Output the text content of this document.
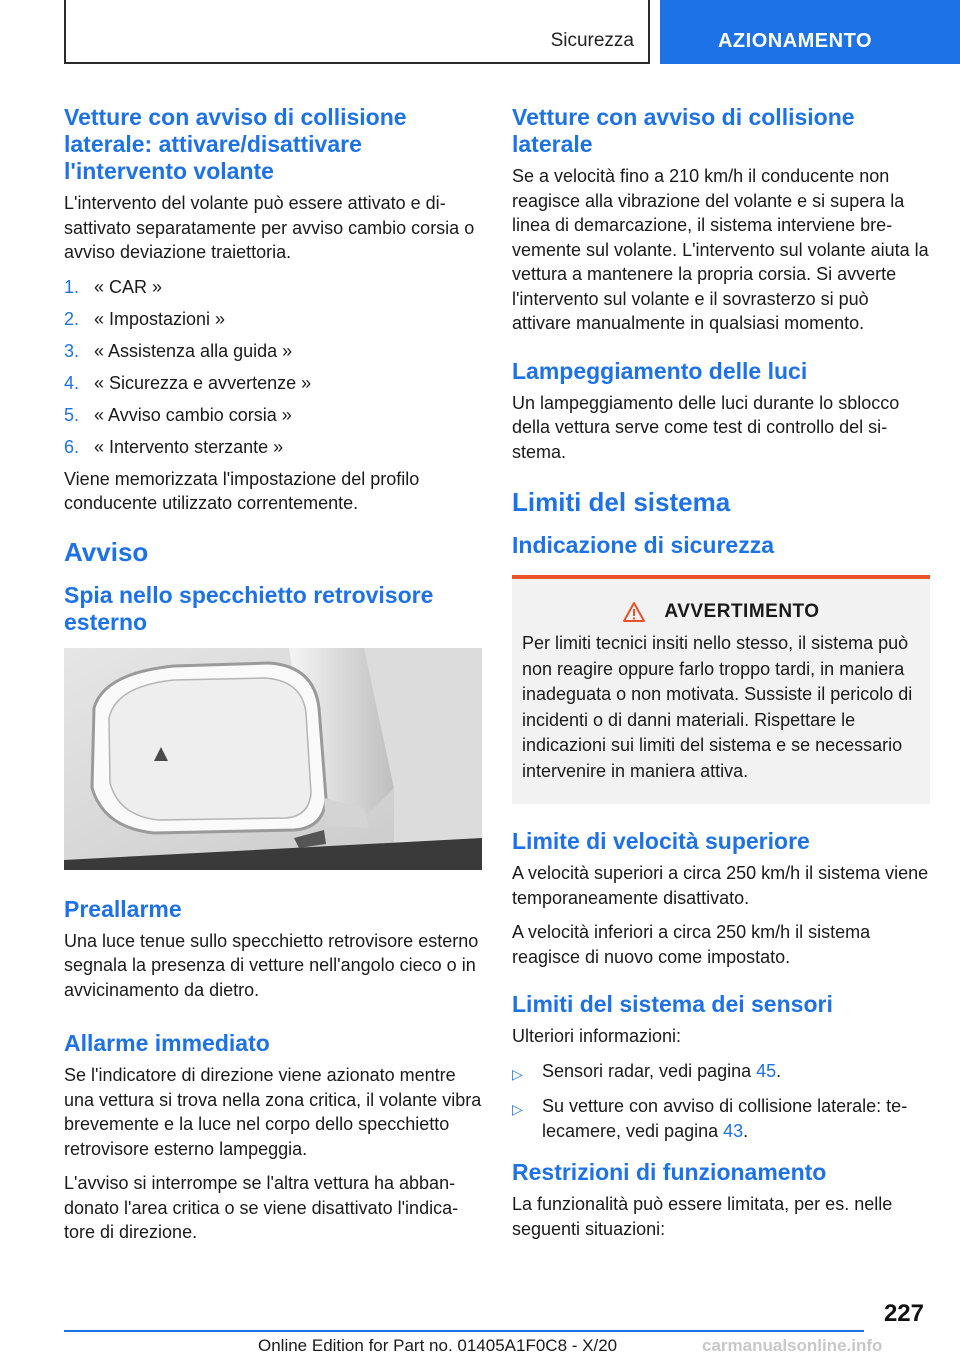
Sicurezza	AZIONAMENTO
Vetture con avviso di collisione laterale: attivare/disattivare l'intervento volante

L'intervento del volante può essere attivato e disattivato separatamente per avviso cambio corsia o avviso deviazione traiettoria.

1. « CAR »
2. « Impostazioni »
3. « Assistenza alla guida »
4. « Sicurezza e avvertenze »
5. « Avviso cambio corsia »
6. « Intervento sterzante »

Viene memorizzata l'impostazione del profilo conducente utilizzato correntemente.

Avviso
Spia nello specchietto retrovisore esterno
Preallarme

Una luce tenue sullo specchietto retrovisore esterno segnala la presenza di vetture nell'angolo cieco o in avvicinamento da dietro.

Allarme immediato

Se l'indicatore di direzione viene azionato mentre una vettura si trova nella zona critica, il volante vibra brevemente e la luce nel corpo dello specchietto retrovisore esterno lampeggia.

L'avviso si interrompe se l'altra vettura ha abbandonato l'area critica o se viene disattivato l'indicatore di direzione.

Vetture con avviso di collisione laterale

Se a velocità fino a 210 km/h il conducente non reagisce alla vibrazione del volante e si supera la linea di demarcazione, il sistema interviene brevemente sul volante. L'intervento sul volante aiuta la vettura a mantenere la propria corsia. Si avverte l'intervento sul volante e il sovrasterzo si può attivare manualmente in qualsiasi momento.

Lampeggiamento delle luci

Un lampeggiamento delle luci durante lo sblocco della vettura serve come test di controllo del sistema.

Limiti del sistema
Indicazione di sicurezza
AVVERTIMENTO

Per limiti tecnici insiti nello stesso, il sistema può non reagire oppure farlo troppo tardi, in maniera inadeguata o non motivata. Sussiste il pericolo di incidenti o di danni materiali. Rispettare le indicazioni sui limiti del sistema e se necessario intervenire in maniera attiva.

Limite di velocità superiore

A velocità superiori a circa 250 km/h il sistema viene temporaneamente disattivato.

A velocità inferiori a circa 250 km/h il sistema reagisce di nuovo come impostato.

Limiti del sistema dei sensori

Ulteriori informazioni:

▷	Sensori radar, vedi pagina 45.
▷	Su vetture con avviso di collisione laterale: telecamere, vedi pagina 43.
Restrizioni di funzionamento

La funzionalità può essere limitata, per es. nelle seguenti situazioni:

227
Online Edition for Part no. 01405A1F0C8 - X/20	carmanualsonline.info
